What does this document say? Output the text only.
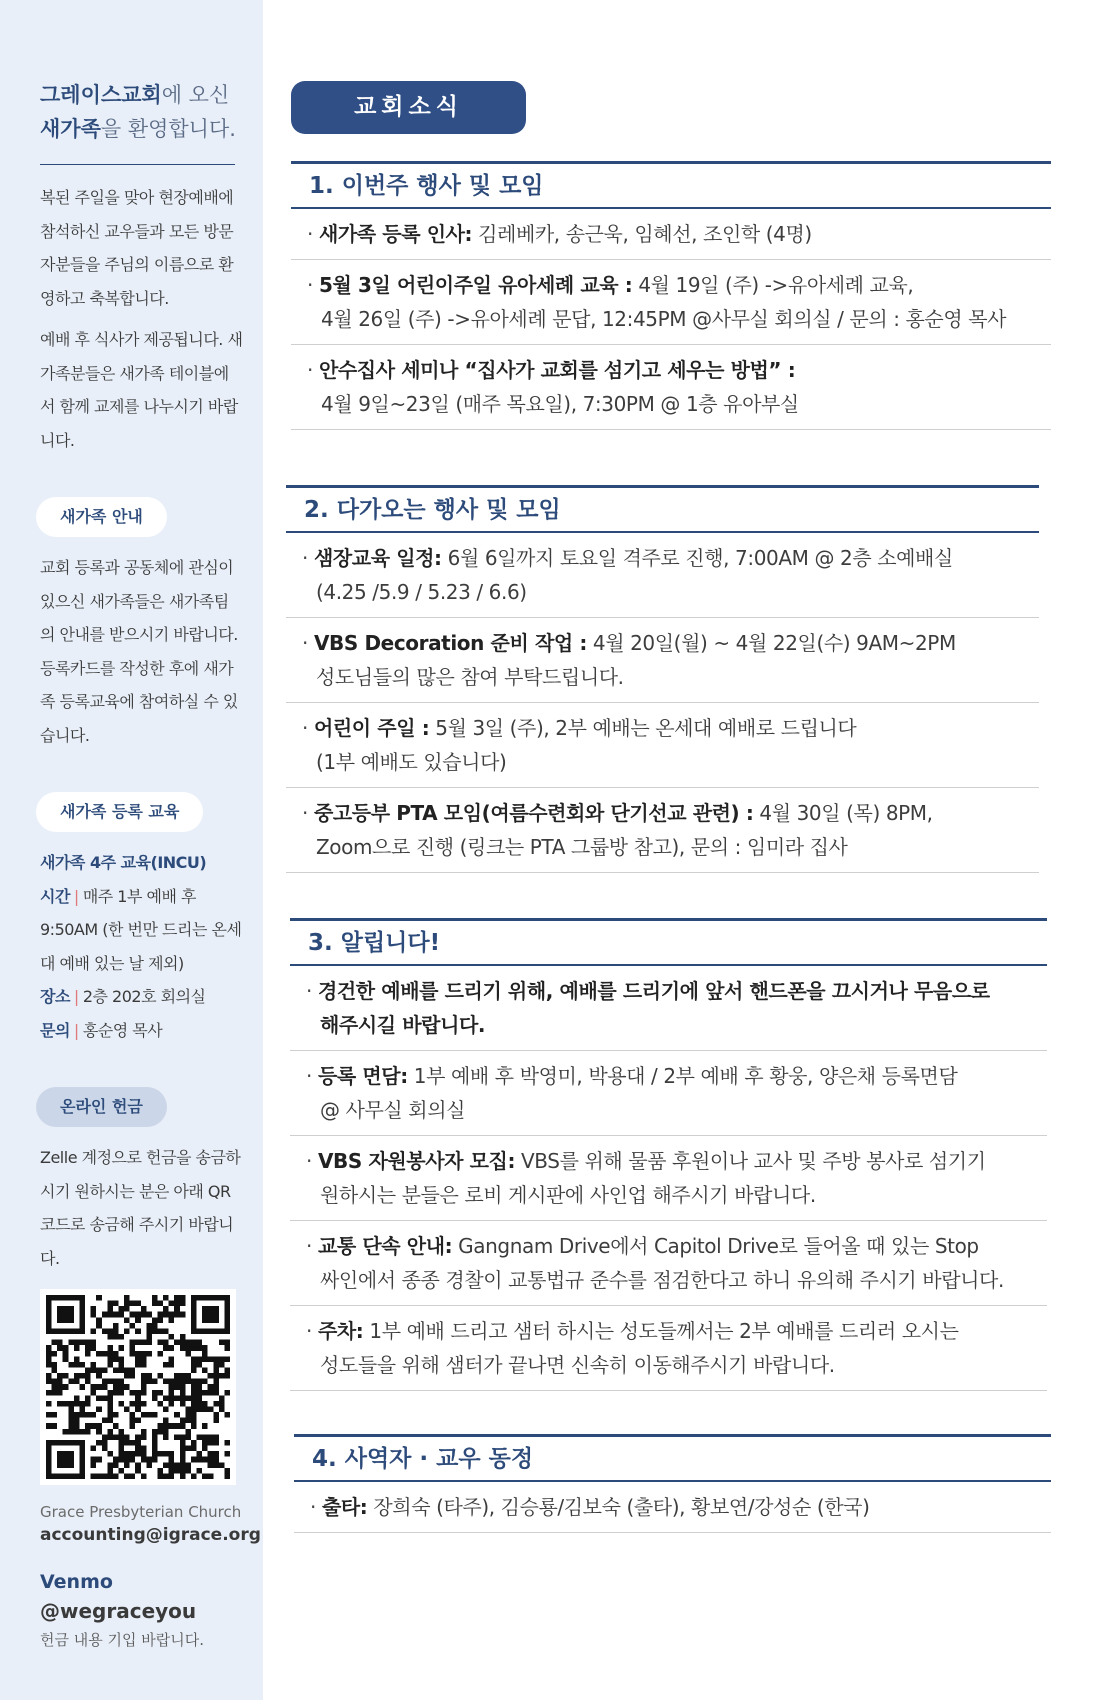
그레이스교회에 오신
새가족을 환영합니다.

복된 주일을 맞아 현장예배에 참석하신 교우들과 모든 방문자분들을 주님의 이름으로 환영하고 축복합니다.

예배 후 식사가 제공됩니다. 새가족분들은 새가족 테이블에서 함께 교제를 나누시기 바랍니다.

새가족 안내

교회 등록과 공동체에 관심이 있으신 새가족들은 새가족팀의 안내를 받으시기 바랍니다. 등록카드를 작성한 후에 새가족 등록교육에 참여하실 수 있습니다.

새가족 등록 교육
새가족 4주 교육(INCU)
시간 | 매주 1부 예배 후 9:50AM (한 번만 드리는 온세대 예배 있는 날 제외)
장소 | 2층 202호 회의실
문의 | 홍순영 목사
온라인 헌금

Zelle 계정으로 헌금을 송금하시기 원하시는 분은 아래 QR 코드로 송금해 주시기 바랍니다.

Grace Presbyterian Church
accounting@igrace.org
Venmo
@wegraceyou
헌금 내용 기입 바랍니다.
교회소식
1. 이번주 행사 및 모임
· 새가족 등록 인사: 김레베카, 송근욱, 임혜선, 조인학 (4명)
· 5월 3일 어린이주일 유아세례 교육 : 4월 19일 (주) ->유아세례 교육,
4월 26일 (주) ->유아세례 문답, 12:45PM @사무실 회의실 / 문의 : 홍순영 목사
· 안수집사 세미나 “집사가 교회를 섬기고 세우는 방법” :
4월 9일~23일 (매주 목요일), 7:30PM @ 1층 유아부실
2. 다가오는 행사 및 모임
· 샘장교육 일정: 6월 6일까지 토요일 격주로 진행, 7:00AM @ 2층 소예배실
(4.25 /5.9 / 5.23 / 6.6)
· VBS Decoration 준비 작업 : 4월 20일(월) ~ 4월 22일(수) 9AM~2PM
성도님들의 많은 참여 부탁드립니다.
· 어린이 주일 : 5월 3일 (주), 2부 예배는 온세대 예배로 드립니다
(1부 예배도 있습니다)
· 중고등부 PTA 모임(여름수련회와 단기선교 관련) : 4월 30일 (목) 8PM,
Zoom으로 진행 (링크는 PTA 그룹방 참고), 문의 : 임미라 집사
3. 알립니다!
· 경건한 예배를 드리기 위해, 예배를 드리기에 앞서 핸드폰을 끄시거나 무음으로
해주시길 바랍니다.
· 등록 면담: 1부 예배 후 박영미, 박용대 / 2부 예배 후 황웅, 양은채 등록면담
@ 사무실 회의실
· VBS 자원봉사자 모집: VBS를 위해 물품 후원이나 교사 및 주방 봉사로 섬기기
원하시는 분들은 로비 게시판에 사인업 해주시기 바랍니다.
· 교통 단속 안내: Gangnam Drive에서 Capitol Drive로 들어올 때 있는 Stop
싸인에서 종종 경찰이 교통법규 준수를 점검한다고 하니 유의해 주시기 바랍니다.
· 주차: 1부 예배 드리고 샘터 하시는 성도들께서는 2부 예배를 드리러 오시는
성도들을 위해 샘터가 끝나면 신속히 이동해주시기 바랍니다.
4. 사역자 · 교우 동정
· 출타: 장희숙 (타주), 김승룡/김보숙 (출타), 황보연/강성순 (한국)
